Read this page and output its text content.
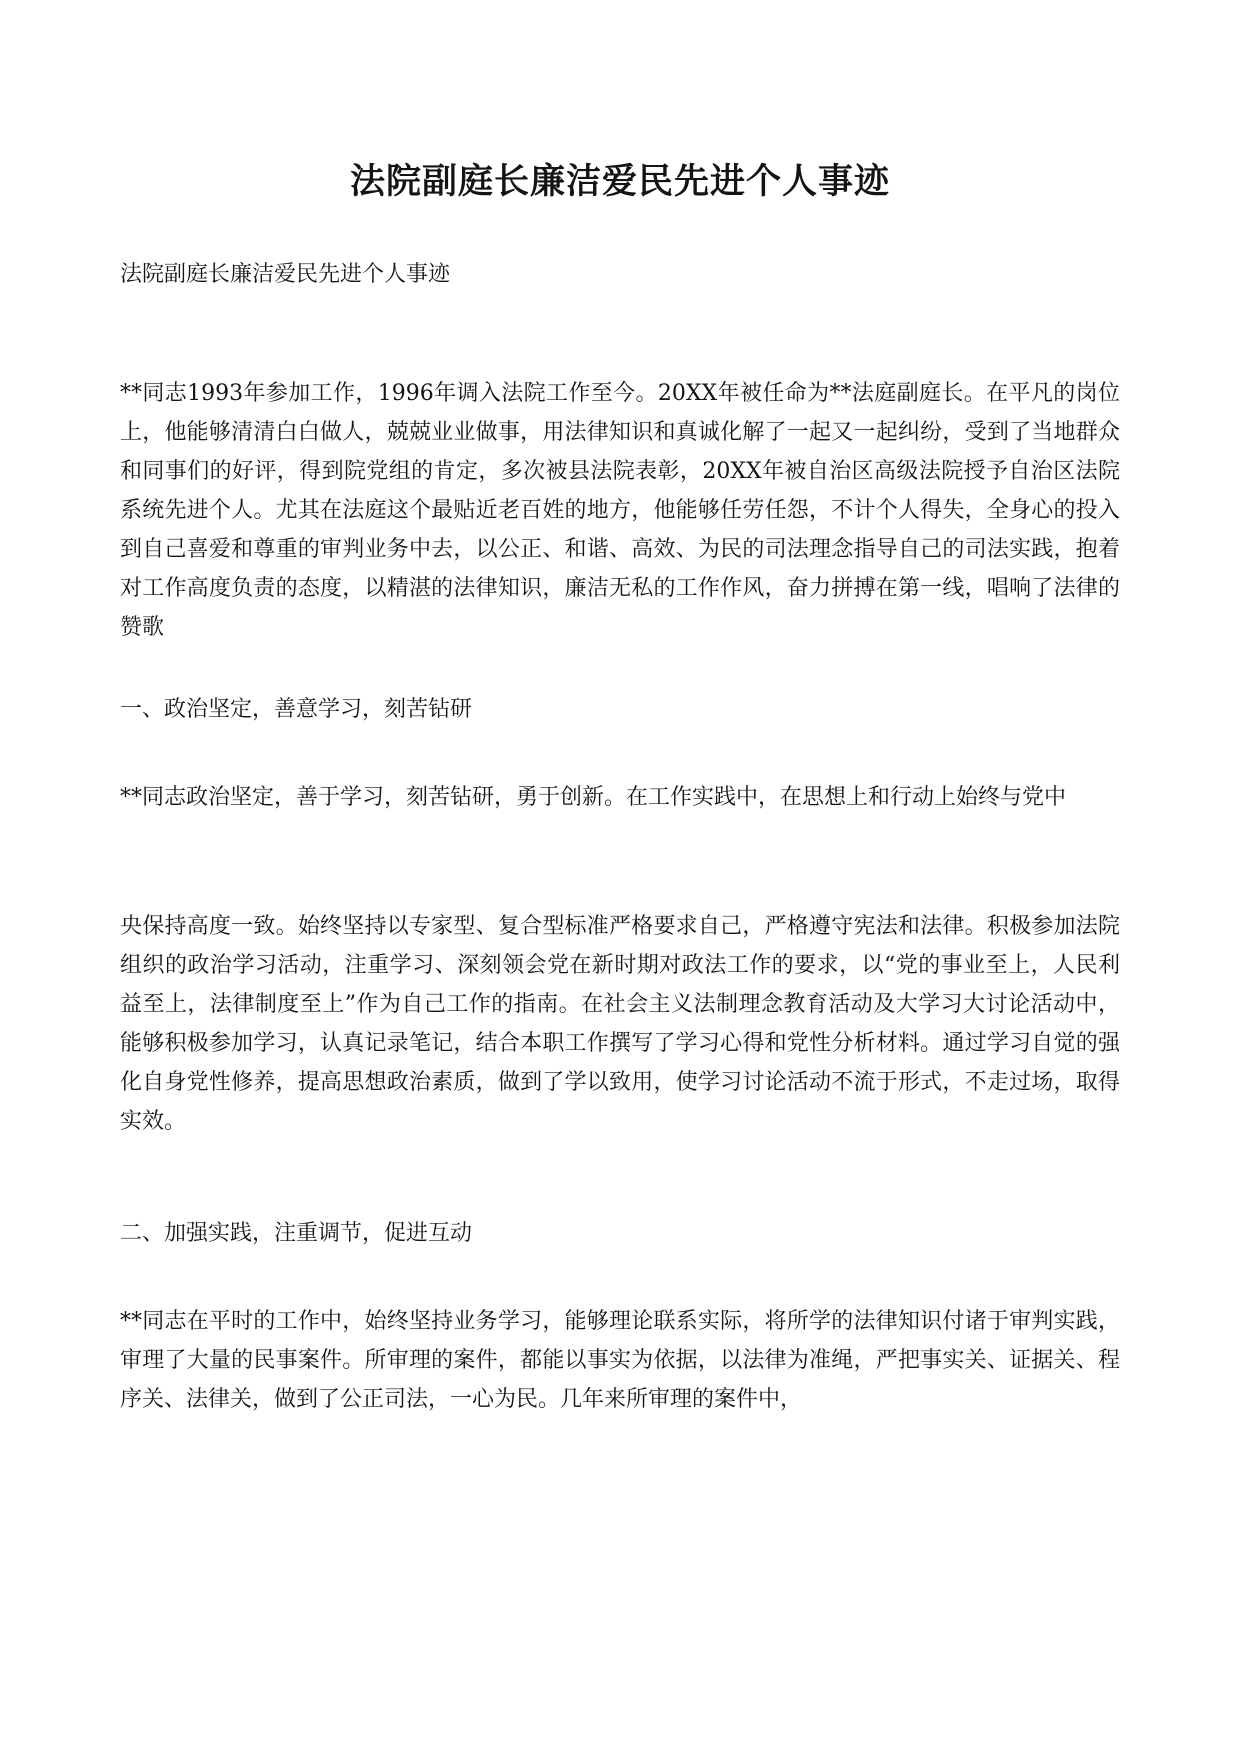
法院副庭长廉洁爱民先进个人事迹

法院副庭长廉洁爱民先进个人事迹

**同志1993年参加工作，1996年调入法院工作至今。20XX年被任命为**法庭副庭长。在平凡的岗位上，他能够清清白白做人，兢兢业业做事，用法律知识和真诚化解了一起又一起纠纷，受到了当地群众和同事们的好评，得到院党组的肯定，多次被县法院表彰，20XX年被自治区高级法院授予自治区法院系统先进个人。尤其在法庭这个最贴近老百姓的地方，他能够任劳任怨，不计个人得失，全身心的投入到自己喜爱和尊重的审判业务中去，以公正、和谐、高效、为民的司法理念指导自己的司法实践，抱着对工作高度负责的态度，以精湛的法律知识，廉洁无私的工作作风，奋力拼搏在第一线，唱响了法律的赞歌

一、政治坚定，善意学习，刻苦钻研

**同志政治坚定，善于学习，刻苦钻研，勇于创新。在工作实践中，在思想上和行动上始终与党中

央保持高度一致。始终坚持以专家型、复合型标准严格要求自己，严格遵守宪法和法律。积极参加法院组织的政治学习活动，注重学习、深刻领会党在新时期对政法工作的要求，以“党的事业至上，人民利益至上，法律制度至上”作为自己工作的指南。在社会主义法制理念教育活动及大学习大讨论活动中，能够积极参加学习，认真记录笔记，结合本职工作撰写了学习心得和党性分析材料。通过学习自觉的强化自身党性修养，提高思想政治素质，做到了学以致用，使学习讨论活动不流于形式，不走过场，取得实效。

二、加强实践，注重调节，促进互动

**同志在平时的工作中，始终坚持业务学习，能够理论联系实际，将所学的法律知识付诸于审判实践，审理了大量的民事案件。所审理的案件，都能以事实为依据，以法律为准绳，严把事实关、证据关、程序关、法律关，做到了公正司法，一心为民。几年来所审理的案件中，
